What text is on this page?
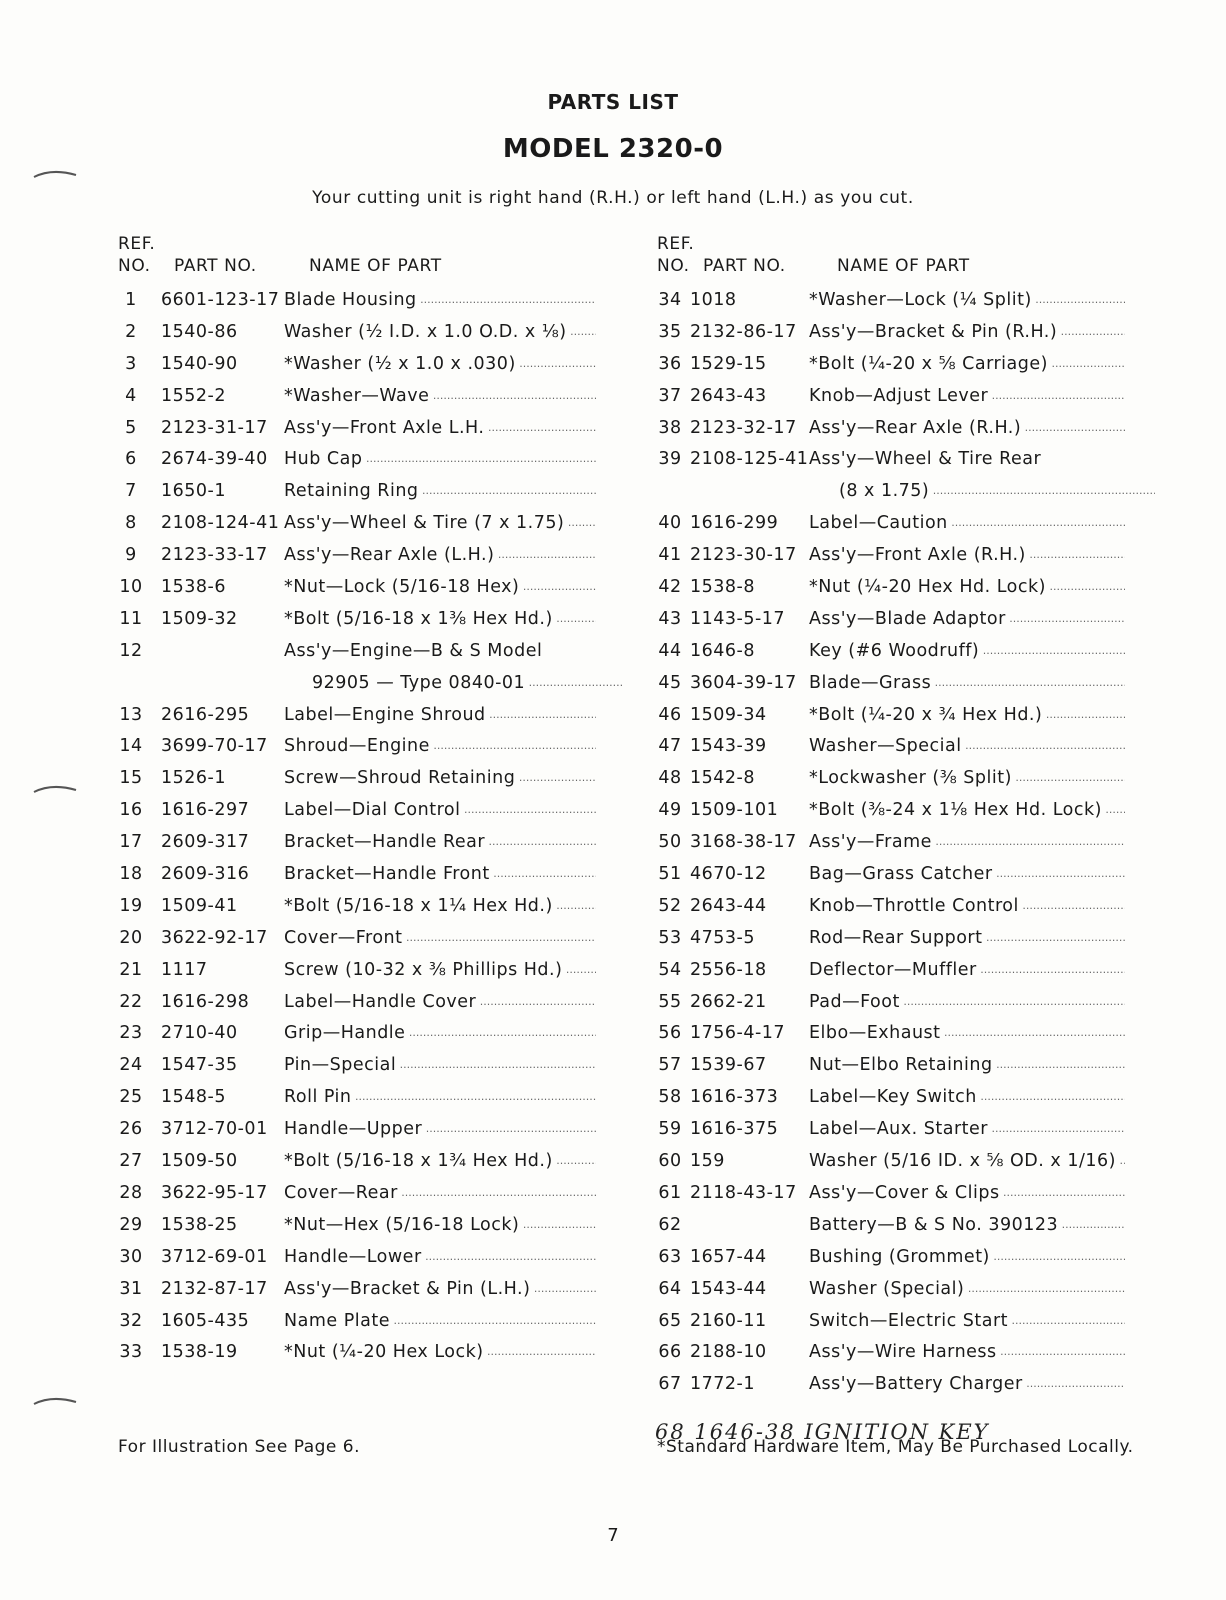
PARTS LIST
MODEL 2320-0
Your cutting unit is right hand (R.H.) or left hand (L.H.) as you cut.
REF.
NO. PART NO.	NAME OF PART
1	6601-123-17 Blade Housing .....
2	1540-86	Washer (½ I.D. x 1.0 O.D. x ⅛) .....
3	1540-90	*Washer (½ x 1.0 x .030) .....
4	1552-2	*Washer—Wave .....
5	2123-31-17 Ass'y—Front Axle L.H. .....
6	2674-39-40 Hub Cap .....
7	1650-1	Retaining Ring .....
8	2108-124-41 Ass'y—Wheel & Tire (7 x 1.75) .....
9	2123-33-17 Ass'y—Rear Axle (L.H.) .....
10 1538-6	*Nut—Lock (5/16-18 Hex) .....
11 1509-32	*Bolt (5/16-18 x 1⅜ Hex Hd.) .....
12	Ass'y—Engine—B & S Model
92905 — Type 0840-01 .....
13 2616-295 Label—Engine Shroud .....
14 3699-70-17 Shroud—Engine .....
15 1526-1	Screw—Shroud Retaining .....
16 1616-297 Label—Dial Control .....
17 2609-317 Bracket—Handle Rear .....
18 2609-316 Bracket—Handle Front .....
19 1509-41	*Bolt (5/16-18 x 1¼ Hex Hd.) .....
20 3622-92-17 Cover—Front .....
21 1117	Screw (10-32 x ⅜ Phillips Hd.) .....
22 1616-298 Label—Handle Cover .....
23 2710-40	Grip—Handle .....
24 1547-35	Pin—Special .....
25 1548-5	Roll Pin .....
26 3712-70-01 Handle—Upper .....
27 1509-50	*Bolt (5/16-18 x 1¾ Hex Hd.) .....
28 3622-95-17 Cover—Rear .....
29 1538-25	*Nut—Hex (5/16-18 Lock) .....
30 3712-69-01 Handle—Lower .....
31 2132-87-17 Ass'y—Bracket & Pin (L.H.) .....
32 1605-435 Name Plate .....
33 1538-19	*Nut (¼-20 Hex Lock) .....
REF.
NO. PART NO.	NAME OF PART
34 1018	*Washer—Lock (¼ Split) .....
35 2132-86-17 Ass'y—Bracket & Pin (R.H.) .....
36 1529-15 *Bolt (¼-20 x ⅝ Carriage) .....
37 2643-43 Knob—Adjust Lever .....
38 2123-32-17 Ass'y—Rear Axle (R.H.) .....
39 2108-125-41 Ass'y—Wheel & Tire Rear
(8 x 1.75) .....
40 1616-299 Label—Caution .....
41 2123-30-17 Ass'y—Front Axle (R.H.) .....
42 1538-8	*Nut (¼-20 Hex Hd. Lock) .....
43 1143-5-17 Ass'y—Blade Adaptor .....
44 1646-8	Key (#6 Woodruff) .....
45 3604-39-17 Blade—Grass .....
46 1509-34 *Bolt (¼-20 x ¾ Hex Hd.) .....
47 1543-39 Washer—Special .....
48 1542-8	*Lockwasher (⅜ Split) .....
49 1509-101 *Bolt (⅜-24 x 1⅛ Hex Hd. Lock) .....
50 3168-38-17 Ass'y—Frame .....
51 4670-12 Bag—Grass Catcher .....
52 2643-44 Knob—Throttle Control .....
53 4753-5	Rod—Rear Support .....
54 2556-18 Deflector—Muffler .....
55 2662-21 Pad—Foot .....
56 1756-4-17 Elbo—Exhaust .....
57 1539-67 Nut—Elbo Retaining .....
58 1616-373 Label—Key Switch .....
59 1616-375 Label—Aux. Starter .....
60 159	Washer (5/16 ID. x ⅝ OD. x 1/16) .....
61 2118-43-17 Ass'y—Cover & Clips .....
62	Battery—B & S No. 390123 .....
63 1657-44 Bushing (Grommet) .....
64 1543-44 Washer (Special) .....
65 2160-11 Switch—Electric Start .....
66 2188-10 Ass'y—Wire Harness .....
67 1772-1	Ass'y—Battery Charger .....
For Illustration See Page 6.
68 1646-38 IGNITION KEY
*Standard Hardware Item, May Be Purchased Locally.
7
